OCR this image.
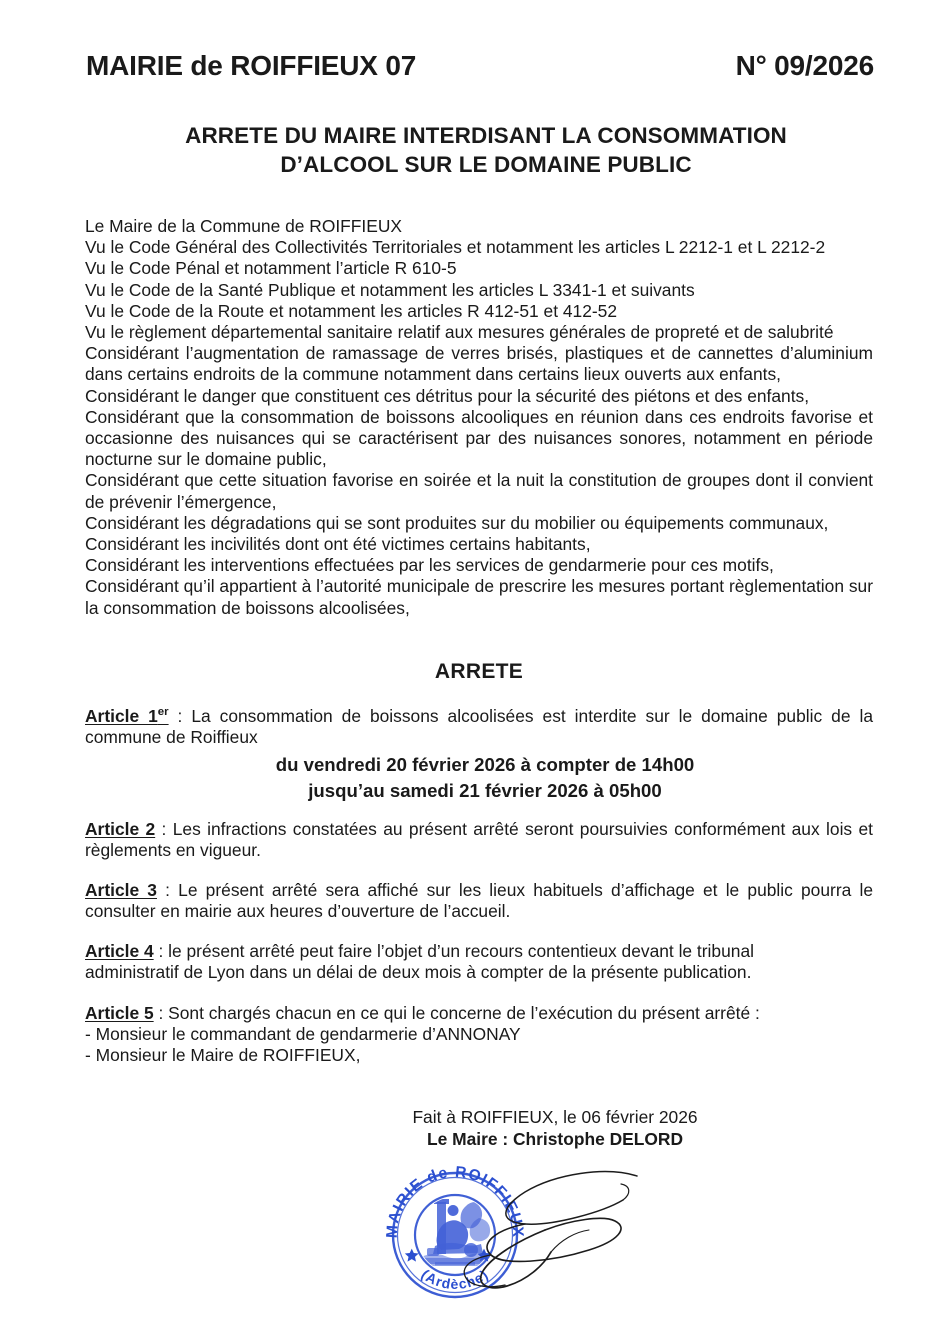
MAIRIE de ROIFFIEUX 07	N° 09/2026
ARRETE DU MAIRE INTERDISANT LA CONSOMMATION
D’ALCOOL SUR LE DOMAINE PUBLIC
Le Maire de la Commune de ROIFFIEUX
Vu le Code Général des Collectivités Territoriales et notamment les articles L 2212-1 et L 2212-2
Vu le Code Pénal et notamment l’article R 610-5
Vu le Code de la Santé Publique et notamment les articles L 3341-1 et suivants
Vu le Code de la Route et notamment les articles R 412-51 et 412-52
Vu le règlement départemental sanitaire relatif aux mesures générales de propreté et de salubrité
Considérant l’augmentation de ramassage de verres brisés, plastiques et de cannettes d’aluminium dans certains endroits de la commune notamment dans certains lieux ouverts aux enfants,
Considérant le danger que constituent ces détritus pour la sécurité des piétons et des enfants,
Considérant que la consommation de boissons alcooliques en réunion dans ces endroits favorise et occasionne des nuisances qui se caractérisent par des nuisances sonores, notamment en période nocturne sur le domaine public,
Considérant que cette situation favorise en soirée et la nuit la constitution de groupes dont il convient de prévenir l’émergence,
Considérant les dégradations qui se sont produites sur du mobilier ou équipements communaux,
Considérant les incivilités dont ont été victimes certains habitants,
Considérant les interventions effectuées par les services de gendarmerie pour ces motifs,
Considérant qu’il appartient à l’autorité municipale de prescrire les mesures portant règlementation sur la consommation de boissons alcoolisées,
ARRETE
Article 1er : La consommation de boissons alcoolisées est interdite sur le domaine public de la commune de Roiffieux
du vendredi 20 février 2026 à compter de 14h00
jusqu’au samedi 21 février 2026 à 05h00
Article 2 : Les infractions constatées au présent arrêté seront poursuivies conformément aux lois et règlements en vigueur.
Article 3 : Le présent arrêté sera affiché sur les lieux habituels d’affichage et le public pourra le consulter en mairie aux heures d’ouverture de l’accueil.
Article 4 : le présent arrêté peut faire l’objet d’un recours contentieux devant le tribunal
administratif de Lyon dans un délai de deux mois à compter de la présente publication.
Article 5 : Sont chargés chacun en ce qui le concerne de l’exécution du présent arrêté :
- Monsieur le commandant de gendarmerie d’ANNONAY
- Monsieur le Maire de ROIFFIEUX,
Fait à ROIFFIEUX, le 06 février 2026
Le Maire : Christophe DELORD
MAIRIE de ROIFFIEUX
(Ardèche)
